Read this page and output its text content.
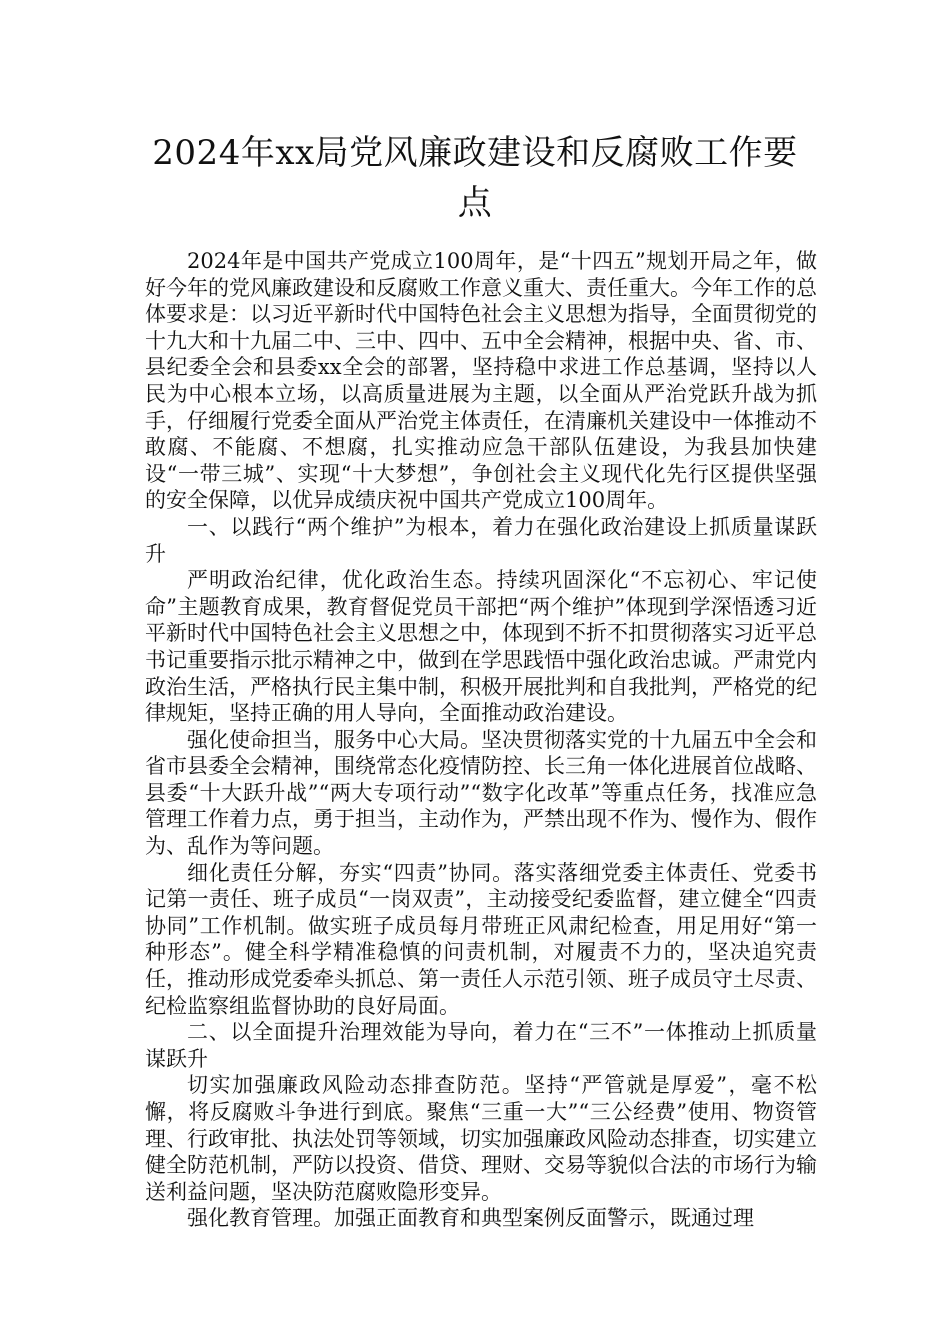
2024年xx局党风廉政建设和反腐败工作要点

2024年是中国共产党成立100周年，是“十四五”规划开局之年，做好今年的党风廉政建设和反腐败工作意义重大、责任重大。今年工作的总体要求是：以习近平新时代中国特色社会主义思想为指导，全面贯彻党的十九大和十九届二中、三中、四中、五中全会精神，根据中央、省、市、县纪委全会和县委xx全会的部署，坚持稳中求进工作总基调，坚持以人民为中心根本立场，以高质量进展为主题，以全面从严治党跃升战为抓手，仔细履行党委全面从严治党主体责任，在清廉机关建设中一体推动不敢腐、不能腐、不想腐，扎实推动应急干部队伍建设，为我县加快建设“一带三城”、实现“十大梦想”，争创社会主义现代化先行区提供坚强的安全保障，以优异成绩庆祝中国共产党成立100周年。

一、以践行“两个维护”为根本，着力在强化政治建设上抓质量谋跃升

严明政治纪律，优化政治生态。持续巩固深化“不忘初心、牢记使命”主题教育成果，教育督促党员干部把“两个维护”体现到学深悟透习近平新时代中国特色社会主义思想之中，体现到不折不扣贯彻落实习近平总书记重要指示批示精神之中，做到在学思践悟中强化政治忠诚。严肃党内政治生活，严格执行民主集中制，积极开展批判和自我批判，严格党的纪律规矩，坚持正确的用人导向，全面推动政治建设。

强化使命担当，服务中心大局。坚决贯彻落实党的十九届五中全会和省市县委全会精神，围绕常态化疫情防控、长三角一体化进展首位战略、县委“十大跃升战”“两大专项行动”“数字化改革”等重点任务，找准应急管理工作着力点，勇于担当，主动作为，严禁出现不作为、慢作为、假作为、乱作为等问题。

细化责任分解，夯实“四责”协同。落实落细党委主体责任、党委书记第一责任、班子成员“一岗双责”，主动接受纪委监督，建立健全“四责协同”工作机制。做实班子成员每月带班正风肃纪检查，用足用好“第一种形态”。健全科学精准稳慎的问责机制，对履责不力的，坚决追究责任，推动形成党委牵头抓总、第一责任人示范引领、班子成员守土尽责、纪检监察组监督协助的良好局面。

二、以全面提升治理效能为导向，着力在“三不”一体推动上抓质量谋跃升

切实加强廉政风险动态排查防范。坚持“严管就是厚爱”，毫不松懈，将反腐败斗争进行到底。聚焦“三重一大”“三公经费”使用、物资管理、行政审批、执法处罚等领域，切实加强廉政风险动态排查，切实建立健全防范机制，严防以投资、借贷、理财、交易等貌似合法的市场行为输送利益问题，坚决防范腐败隐形变异。

强化教育管理。加强正面教育和典型案例反面警示，既通过理
